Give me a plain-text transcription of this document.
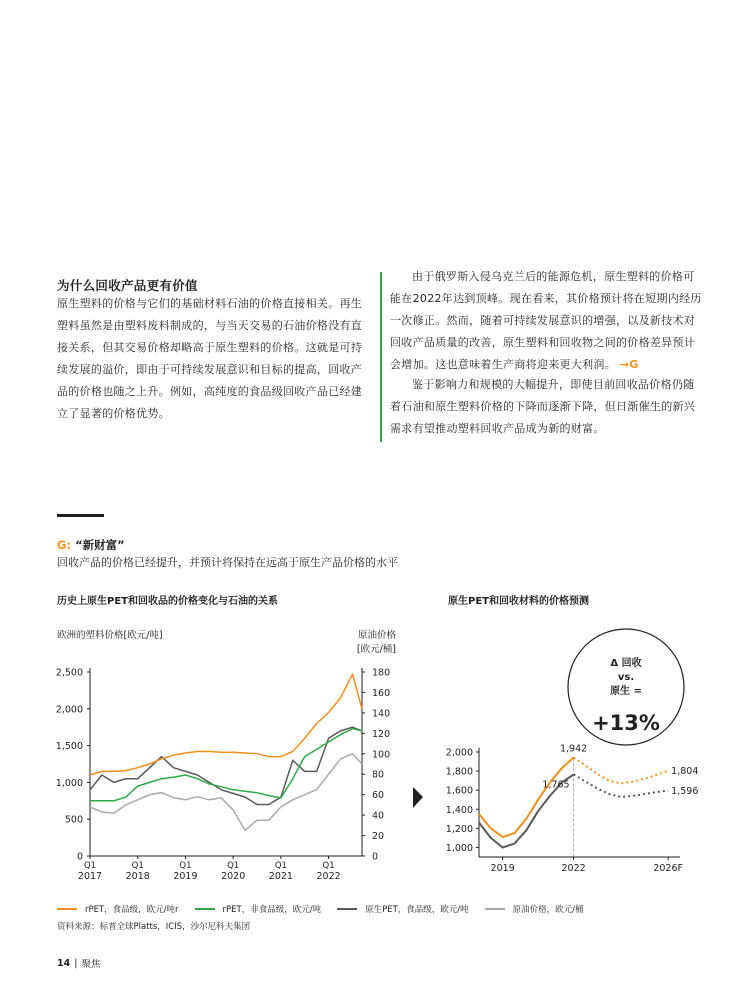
为什么回收产品更有价值
原生塑料的价格与它们的基础材料石油的价格直接相关。再生塑料虽然是由塑料废料制成的，与当天交易的石油价格没有直接关系，但其交易价格却略高于原生塑料的价格。这就是可持续发展的溢价，即由于可持续发展意识和目标的提高，回收产品的价格也随之上升。例如，高纯度的食品级回收产品已经建立了显著的价格优势。
由于俄罗斯入侵乌克兰后的能源危机，原生塑料的价格可能在2022年达到顶峰。现在看来，其价格预计将在短期内经历一次修正。然而，随着可持续发展意识的增强，以及新技术对回收产品质量的改善，原生塑料和回收物之间的价格差异预计会增加。这也意味着生产商将迎来更大利润。 →G
鉴于影响力和规模的大幅提升，即使目前回收品价格仍随着石油和原生塑料价格的下降而逐渐下降，但日渐催生的新兴需求有望推动塑料回收产品成为新的财富。
G: “新财富”
回收产品的价格已经提升，并预计将保持在远高于原生产品价格的水平
历史上原生PET和回收品的价格变化与石油的关系	原生PET和回收材料的价格预测
欧洲的塑料价格[欧元/吨]	原油价格
[欧元/桶]
0
500
1,000
1,500
2,000
2,500
0
20
40
60
80
100
120
140
160
180
Q1
2017
Q1
2018
Q1
2019
Q1
2020
Q1
2021
Q1
2022
Δ 回收
vs.
原生 =
+13%
1,000
1,200
1,400
1,600
1,800
2,000
2019	2022	2026F
1,942
1,765
1,804
1,596
rPET，食品级，欧元/吨r	rPET，非食品级，欧元/吨	原生PET，食品级，欧元/吨	原油价格，欧元/桶
资料来源：标普全球Platts，ICIS，沙尔尼科夫集团
14 | 聚焦
